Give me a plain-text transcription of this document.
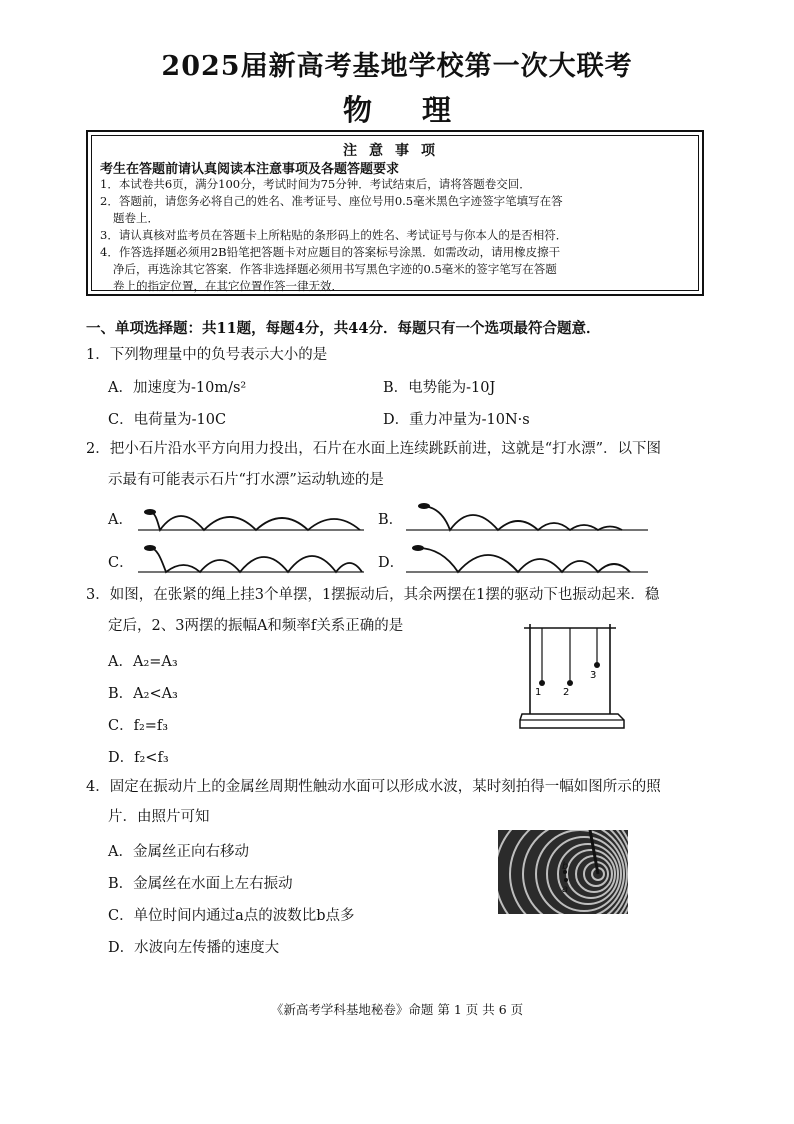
2025届新高考基地学校第一次大联考
物 理
注意事项
考生在答题前请认真阅读本注意事项及各题答题要求
1．本试卷共6页，满分100分，考试时间为75分钟．考试结束后，请将答题卷交回．
2．答题前，请您务必将自己的姓名、准考证号、座位号用0.5毫米黑色字迹签字笔填写在答
题卷上．
3．请认真核对监考员在答题卡上所粘贴的条形码上的姓名、考试证号与你本人的是否相符．
4．作答选择题必须用2B铅笔把答题卡对应题目的答案标号涂黑．如需改动，请用橡皮擦干
净后，再选涂其它答案．作答非选择题必须用书写黑色字迹的0.5毫米的签字笔写在答题
卷上的指定位置，在其它位置作答一律无效．
一、单项选择题：共11题，每题4分，共44分．每题只有一个选项最符合题意．
1．下列物理量中的负号表示大小的是
A．加速度为-10m/s²	B．电势能为-10J
C．电荷量为-10C	D．重力冲量为-10N·s
2．把小石片沿水平方向用力投出，石片在水面上连续跳跃前进，这就是“打水漂”．以下图
示最有可能表示石片“打水漂”运动轨迹的是
A．	B．
C．	D．
3．如图，在张紧的绳上挂3个单摆，1摆振动后，其余两摆在1摆的驱动下也振动起来．稳
定后，2、3两摆的振幅A和频率f关系正确的是
A．A₂=A₃
B．A₂<A₃
C．f₂=f₃
D．f₂<f₃
1 2
3
4．固定在振动片上的金属丝周期性触动水面可以形成水波，某时刻拍得一幅如图所示的照
片．由照片可知
A．金属丝正向右移动
B．金属丝在水面上左右振动
C．单位时间内通过a点的波数比b点多
D．水波向左传播的速度大
b
a
《新高考学科基地秘卷》命题 第 1 页 共 6 页
